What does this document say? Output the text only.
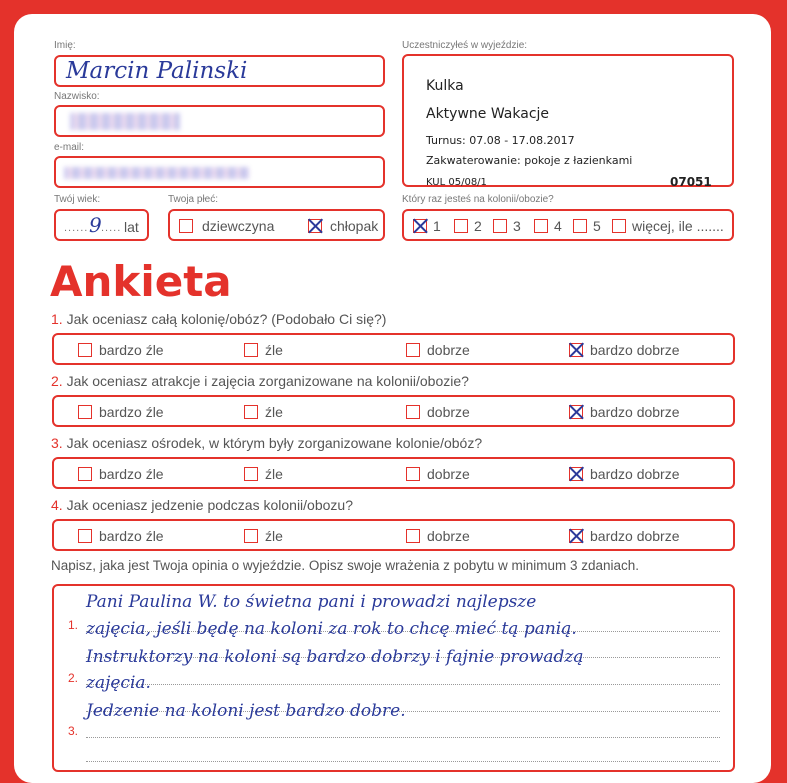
Imię:
Marcin Palinski
Nazwisko:
e-mail:
Twój wiek:
...... 9 ..... lat
Twoja płeć:
dziewczyna	chłopak
Uczestniczyłeś w wyjeździe:
Kulka
Aktywne Wakacje
Turnus: 07.08 - 17.08.2017
Zakwaterowanie: pokoje z łazienkami
KUL 05/08/1	07051
Który raz jesteś na kolonii/obozie?
1 2 3 4 5 więcej, ile .......
Ankieta
Napisz, jaka jest Twoja opinia o wyjeździe. Opisz swoje wrażenia z pobytu w minimum 3 zdaniach.
1.
2.
3.
Pani Paulina W. to świetna pani i prowadzi najlepsze
zajęcia, jeśli będę na koloni za rok to chcę mieć tą panią.
Instruktorzy na koloni są bardzo dobrzy i fajnie prowadzą
zajęcia.
Jedzenie na koloni jest bardzo dobre.
1. Jak oceniasz całą kolonię/obóz? (Podobało Ci się?)
bardzo źle	źle	dobrze	bardzo dobrze
2. Jak oceniasz atrakcje i zajęcia zorganizowane na kolonii/obozie?
bardzo źle	źle	dobrze	bardzo dobrze
3. Jak oceniasz ośrodek, w którym były zorganizowane kolonie/obóz?
bardzo źle	źle	dobrze	bardzo dobrze
4. Jak oceniasz jedzenie podczas kolonii/obozu?
bardzo źle	źle	dobrze	bardzo dobrze
